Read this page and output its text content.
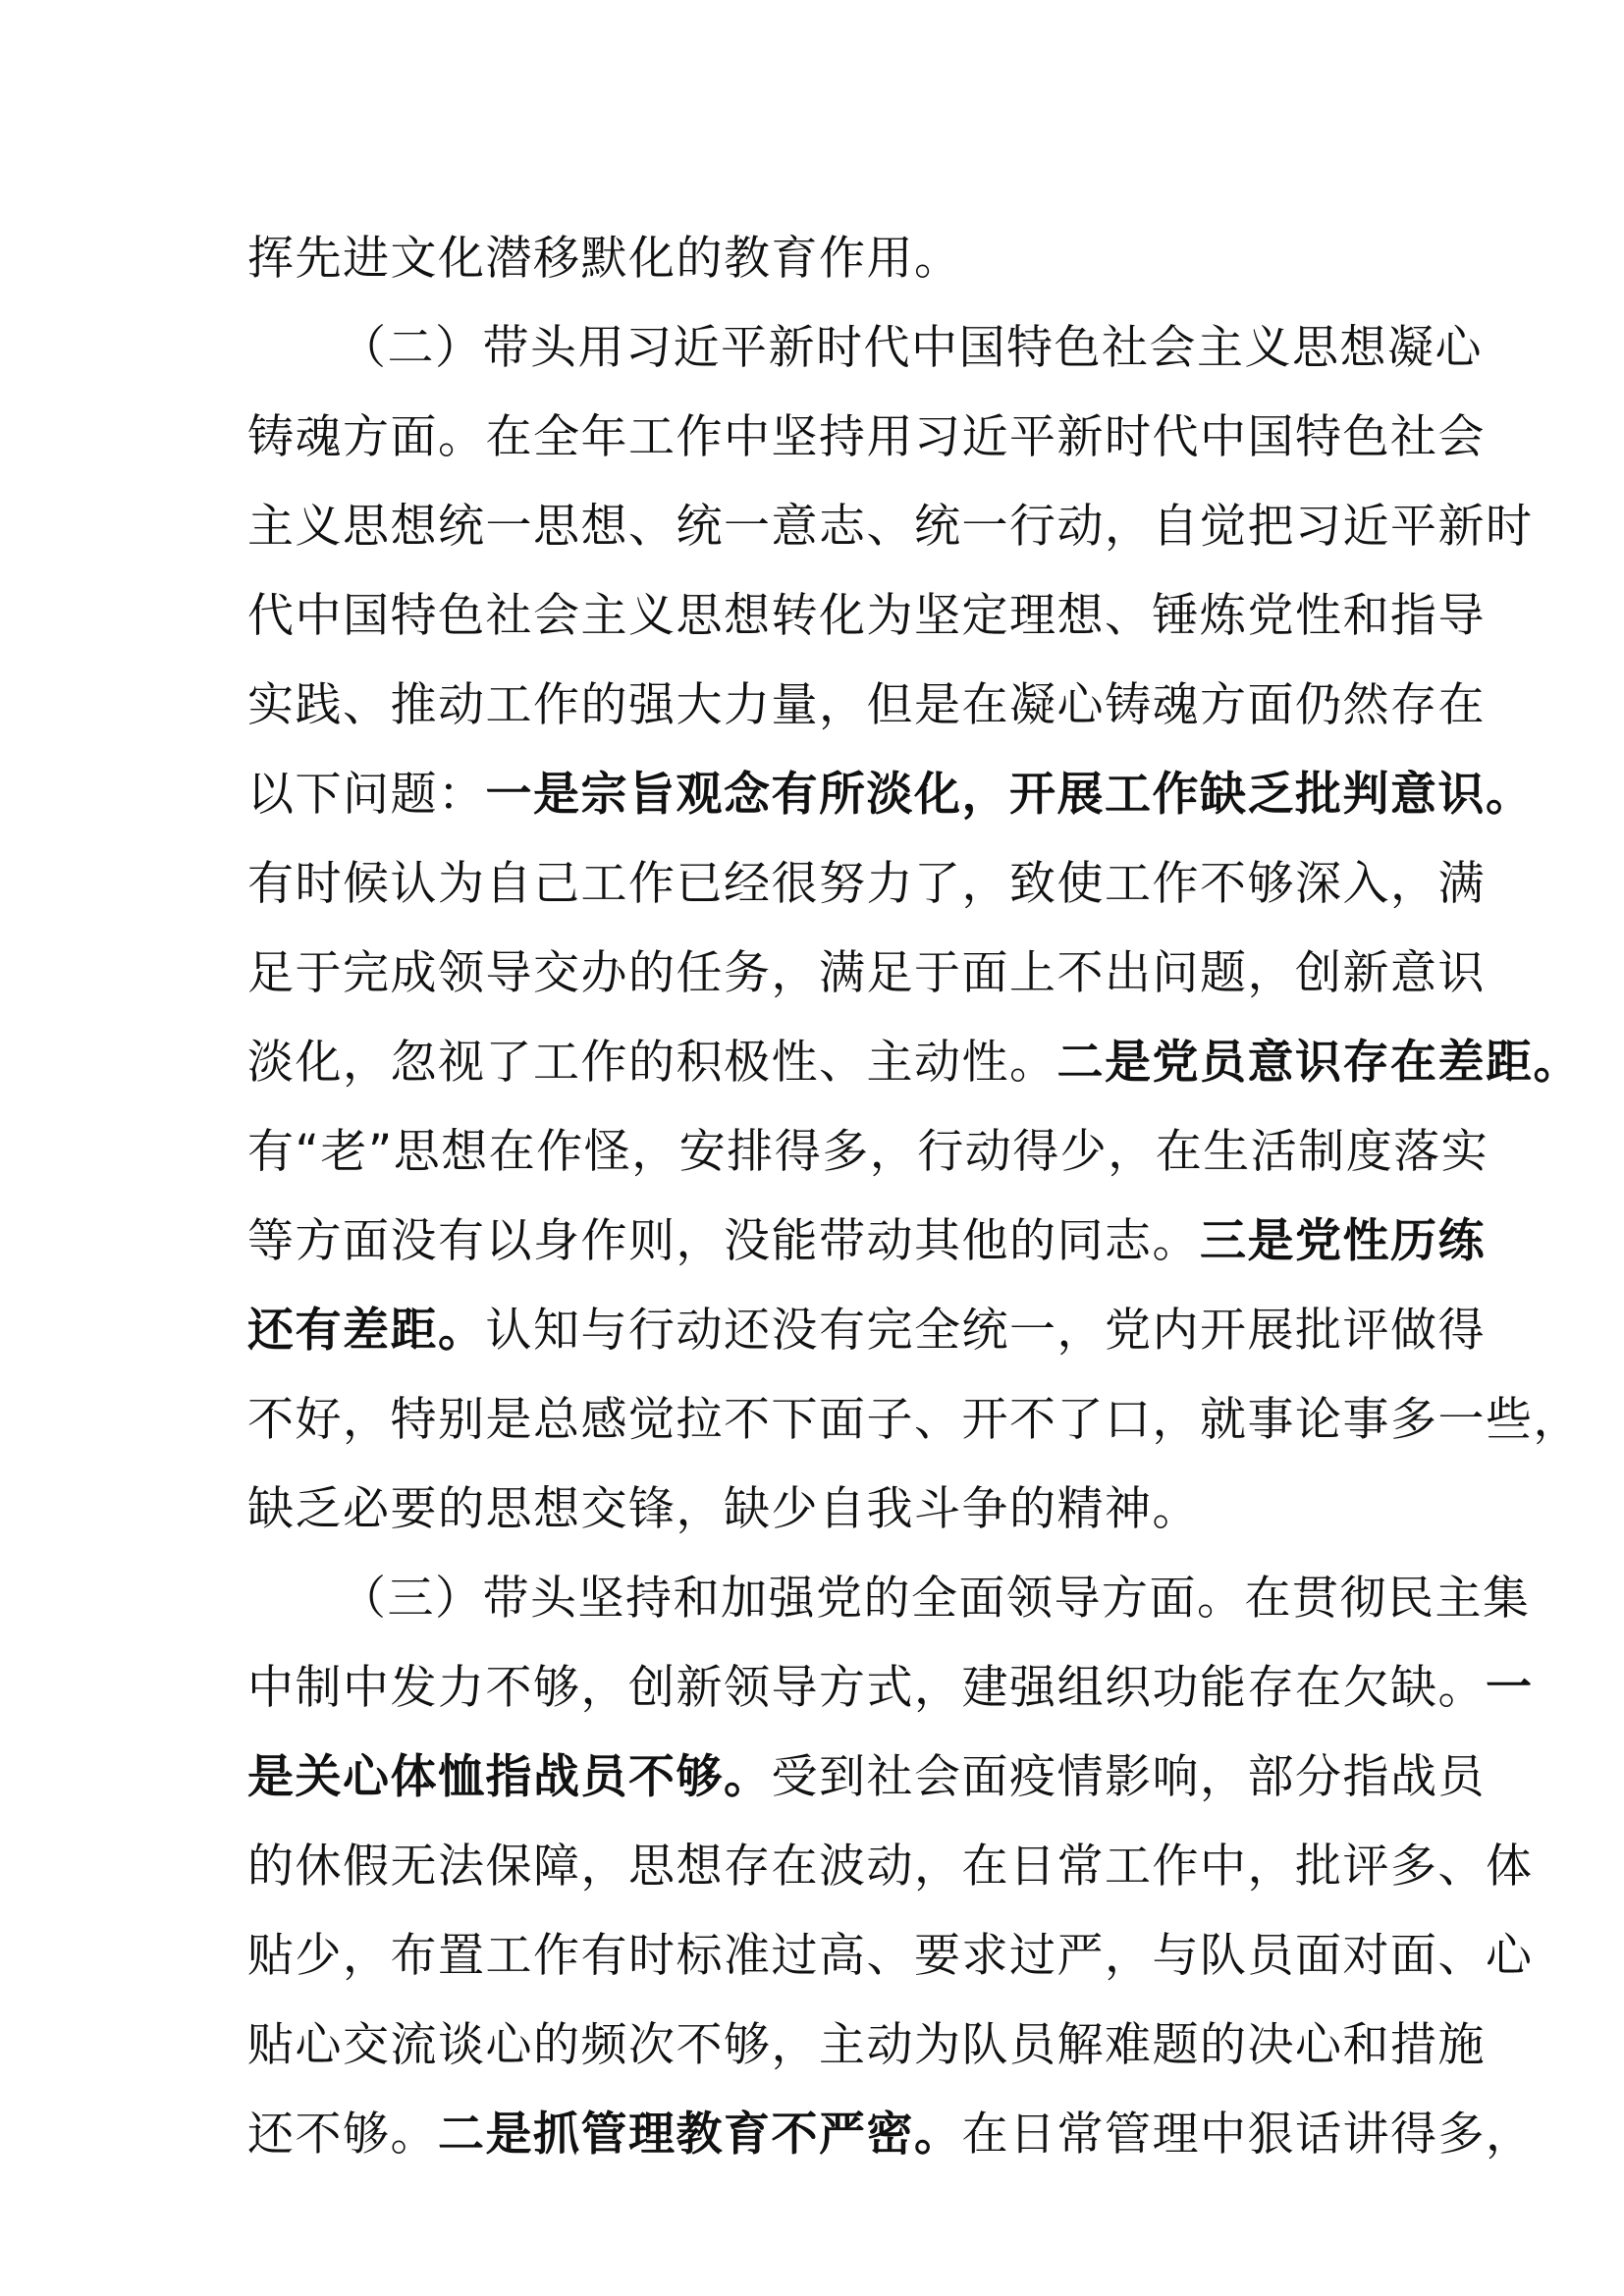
挥先进文化潜移默化的教育作用。
（二）带头用习近平新时代中国特色社会主义思想凝心
铸魂方面。在全年工作中坚持用习近平新时代中国特色社会
主义思想统一思想、统一意志、统一行动，自觉把习近平新时
代中国特色社会主义思想转化为坚定理想、锤炼党性和指导
实践、推动工作的强大力量，但是在凝心铸魂方面仍然存在
以下问题：一是宗旨观念有所淡化，开展工作缺乏批判意识。
有时候认为自己工作已经很努力了，致使工作不够深入，满
足于完成领导交办的任务，满足于面上不出问题，创新意识
淡化，忽视了工作的积极性、主动性。二是党员意识存在差距。
有“老”思想在作怪，安排得多，行动得少，在生活制度落实
等方面没有以身作则，没能带动其他的同志。三是党性历练
还有差距。认知与行动还没有完全统一，党内开展批评做得
不好，特别是总感觉拉不下面子、开不了口，就事论事多一些，
缺乏必要的思想交锋，缺少自我斗争的精神。
（三）带头坚持和加强党的全面领导方面。在贯彻民主集
中制中发力不够，创新领导方式，建强组织功能存在欠缺。一
是关心体恤指战员不够。受到社会面疫情影响，部分指战员
的休假无法保障，思想存在波动，在日常工作中，批评多、体
贴少，布置工作有时标准过高、要求过严，与队员面对面、心
贴心交流谈心的频次不够，主动为队员解难题的决心和措施
还不够。二是抓管理教育不严密。在日常管理中狠话讲得多，
